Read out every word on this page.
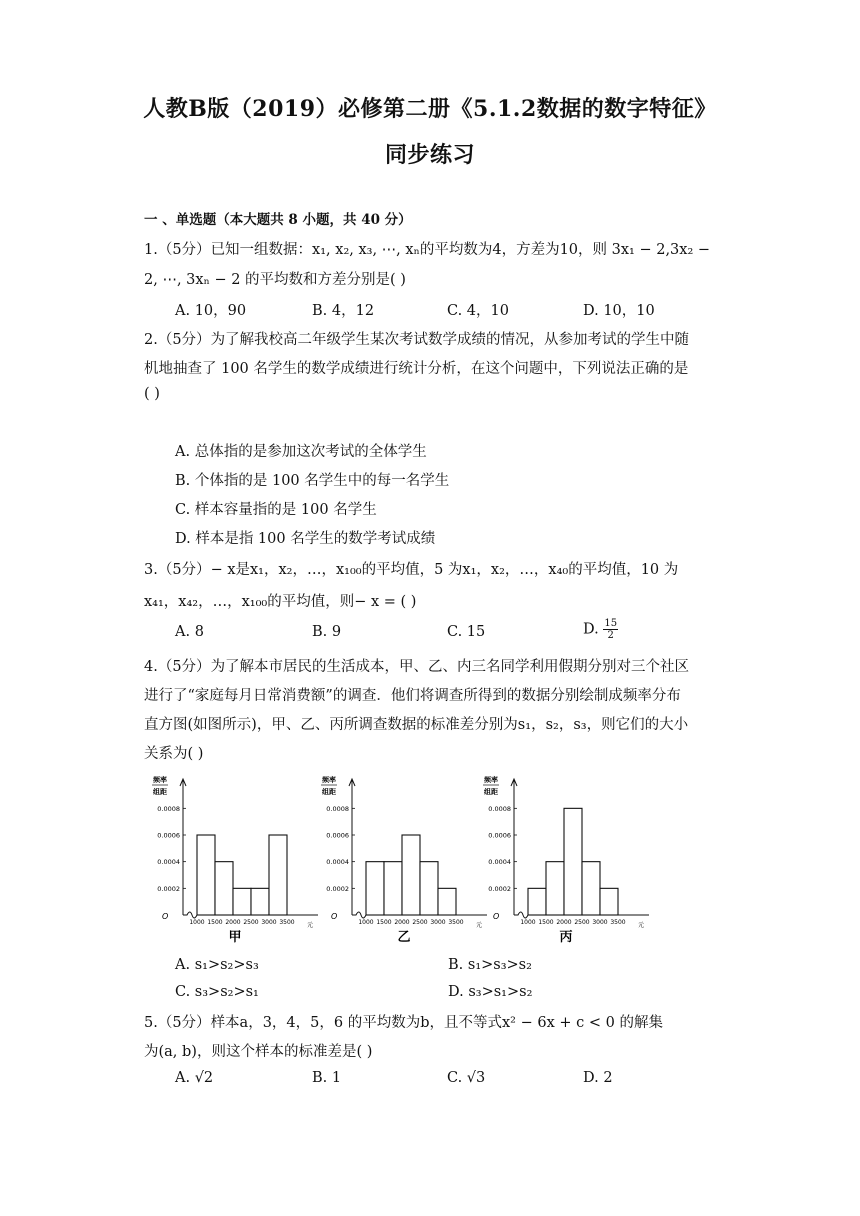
人教B版（2019）必修第二册《5.1.2数据的数字特征》
同步练习
一 、单选题（本大题共 8 小题，共 40 分）
1.（5分）已知一组数据：x₁, x₂, x₃, ⋯, xₙ的平均数为4，方差为10，则 3x₁ − 2,3x₂ −
2, ⋯, 3xₙ − 2 的平均数和方差分别是( )
A. 10，90	B. 4，12	C. 4，10	D. 10，10
2.（5分）为了解我校高二年级学生某次考试数学成绩的情况，从参加考试的学生中随
机地抽查了 100 名学生的数学成绩进行统计分析，在这个问题中，下列说法正确的是
( )
A. 总体指的是参加这次考试的全体学生
B. 个体指的是 100 名学生中的每一名学生
C. 样本容量指的是 100 名学生
D. 样本是指 100 名学生的数学考试成绩
3.（5分）− x是x₁，x₂，…，x₁₀₀的平均值，5 为x₁，x₂，…，x₄₀的平均值，10 为
x₄₁，x₄₂，…，x₁₀₀的平均值，则− x = ( )
A. 8	B. 9	C. 15	D. $\frac{15}{2}$
4.（5分）为了解本市居民的生活成本，甲、乙、内三名同学利用假期分别对三个社区
进行了“家庭每月日常消费额”的调查．他们将调查所得到的数据分别绘制成频率分布
直方图(如图所示)，甲、乙、丙所调查数据的标准差分别为s₁，s₂，s₃，则它们的大小
关系为( )
频率
组距
O
元
0.0002
0.0004
0.0006
0.0008
1000 1500 2000 2500 3000 3500
甲
频率
组距
O
元
0.0002
0.0004
0.0006
0.0008
1000 1500 2000 2500 3000 3500
乙
频率
组距
O
元
0.0002
0.0004
0.0006
0.0008
1000 1500 2000 2500 3000 3500
丙
A. s₁>s₂>s₃	B. s₁>s₃>s₂
C. s₃>s₂>s₁	D. s₃>s₁>s₂
5.（5分）样本a，3，4，5，6 的平均数为b，且不等式x² − 6x + c < 0 的解集
为(a, b)，则这个样本的标准差是( )
A. √2	B. 1	C. √3	D. 2
